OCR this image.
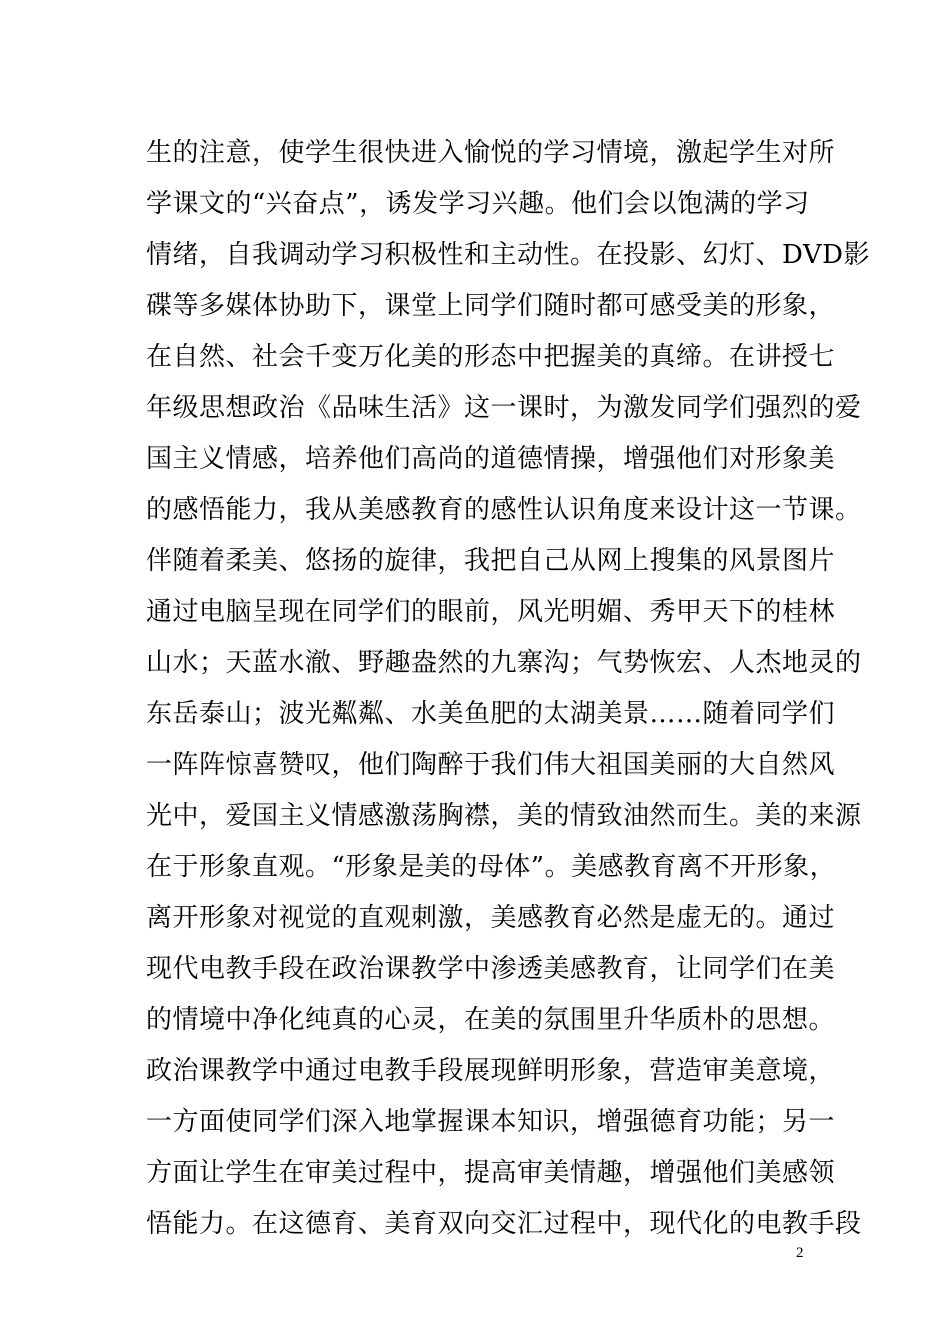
生的注意，使学生很快进入愉悦的学习情境，激起学生对所
学课文的“兴奋点”，诱发学习兴趣。他们会以饱满的学习
情绪，自我调动学习积极性和主动性。在投影、幻灯、DVD影
碟等多媒体协助下，课堂上同学们随时都可感受美的形象，
在自然、社会千变万化美的形态中把握美的真缔。在讲授七
年级思想政治《品味生活》这一课时，为激发同学们强烈的爱
国主义情感，培养他们高尚的道德情操，增强他们对形象美
的感悟能力，我从美感教育的感性认识角度来设计这一节课。
伴随着柔美、悠扬的旋律，我把自己从网上搜集的风景图片
通过电脑呈现在同学们的眼前，风光明媚、秀甲天下的桂林
山水；天蓝水澈、野趣盎然的九寨沟；气势恢宏、人杰地灵的
东岳泰山；波光粼粼、水美鱼肥的太湖美景……随着同学们
一阵阵惊喜赞叹，他们陶醉于我们伟大祖国美丽的大自然风
光中，爱国主义情感激荡胸襟，美的情致油然而生。美的来源
在于形象直观。“形象是美的母体”。美感教育离不开形象，
离开形象对视觉的直观刺激，美感教育必然是虚无的。通过
现代电教手段在政治课教学中渗透美感教育，让同学们在美
的情境中净化纯真的心灵，在美的氛围里升华质朴的思想。
政治课教学中通过电教手段展现鲜明形象，营造审美意境，
一方面使同学们深入地掌握课本知识，增强德育功能；另一
方面让学生在审美过程中，提高审美情趣，增强他们美感领
悟能力。在这德育、美育双向交汇过程中，现代化的电教手段
2
